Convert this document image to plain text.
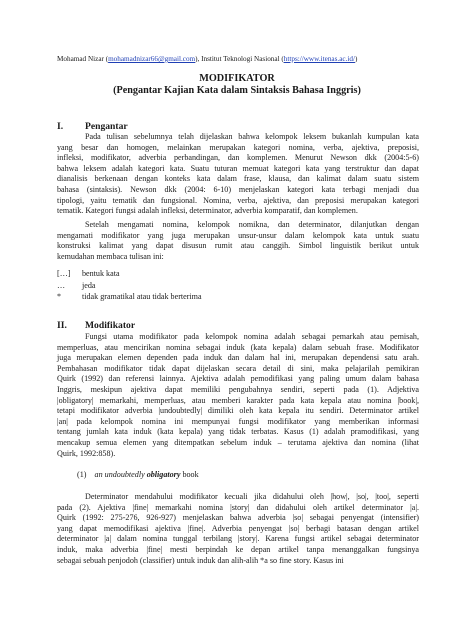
Mohamad Nizar (mohamadnizar66@gmail.com), Institut Teknologi Nasional (https://www.itenas.ac.id/)
MODIFIKATOR
(Pengantar Kajian Kata dalam Sintaksis Bahasa Inggris)
I. Pengantar
Pada tulisan sebelumnya telah dijelaskan bahwa kelompok leksem bukanlah kumpulan kata
yang besar dan homogen, melainkan merupakan kategori nomina, verba, ajektiva, preposisi,
infleksi, modifikator, adverbia perbandingan, dan komplemen. Menurut Newson dkk (2004:5-6)
bahwa leksem adalah kategori kata. Suatu tuturan memuat kategori kata yang terstruktur dan dapat
dianalisis berkenaan dengan konteks kata dalam frase, klausa, dan kalimat dalam suatu sistem
bahasa (sintaksis). Newson dkk (2004: 6-10) menjelaskan kategori kata terbagi menjadi dua
tipologi, yaitu tematik dan fungsional. Nomina, verba, ajektiva, dan preposisi merupakan kategori
tematik. Kategori fungsi adalah infleksi, determinator, adverbia komparatif, dan komplemen.
Setelah mengamati nomina, kelompok nomikna, dan determinator, dilanjutkan dengan
mengamati modifikator yang juga merupakan unsur-unsur dalam kelompok kata untuk suatu
konstruksi kalimat yang dapat disusun rumit atau canggih. Simbol linguistik berikut untuk
kemudahan membaca tulisan ini:
[…] bentuk kata
… jeda
*	tidak gramatikal atau tidak berterima
II. Modifikator
Fungsi utama modifikator pada kelompok nomina adalah sebagai pemarkah atau pemisah,
memperluas, atau mencirikan nomina sebagai induk (kata kepala) dalam sebuah frase. Modifikator
juga merupakan elemen dependen pada induk dan dalam hal ini, merupakan dependensi satu arah.
Pembahasan modifikator tidak dapat dijelaskan secara detail di sini, maka pelajarilah pemikiran
Quirk (1992) dan referensi lainnya. Ajektiva adalah pemodifikasi yang paling umum dalam bahasa
Inggris, meskipun ajektiva dapat memiliki pengubahnya sendiri, seperti pada (1). Adjektiva
|obligatory| memarkahi, memperluas, atau memberi karakter pada kata kepala atau nomina |book|,
tetapi modifikator adverbia |undoubtedly| dimiliki oleh kata kepala itu sendiri. Determinator artikel
|an| pada kelompok nomina ini mempunyai fungsi modifikator yang memberikan informasi
tentang jumlah kata induk (kata kepala) yang tidak terbatas. Kasus (1) adalah pramodifikasi, yang
mencakup semua elemen yang ditempatkan sebelum induk – terutama ajektiva dan nomina (lihat
Quirk, 1992:858).
(1) an undoubtedly obligatory book
Determinator mendahului modifikator kecuali jika didahului oleh |how|, |so|, |too|, seperti
pada (2). Ajektiva |fine| memarkahi nomina |story| dan didahului oleh artikel determinator |a|.
Quirk (1992: 275-276, 926-927) menjelaskan bahwa adverbia |so| sebagai penyengat (intensifier)
yang dapat memodifikasi ajektiva |fine|. Adverbia penyengat |so| berbagi batasan dengan artikel
determinator |a| dalam nomina tunggal terbilang |story|. Karena fungsi artikel sebagai determinator
induk, maka adverbia |fine| mesti berpindah ke depan artikel tanpa menanggalkan fungsinya
sebagai sebuah penjodoh (classifier) untuk induk dan alih-alih *a so fine story. Kasus ini
